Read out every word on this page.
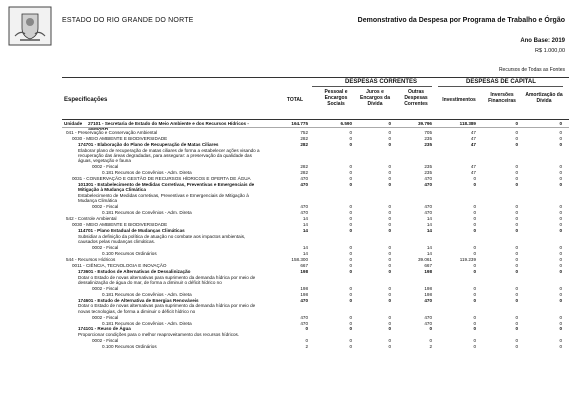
ESTADO DO RIO GRANDE DO NORTE	Demonstrativo da Despesa por Programa de Trabalho e Órgão
Ano Base: 2019
R$ 1.000,00
Recursos de Todas as Fontes
DESPESAS CORRENTES	DESPESAS DE CAPITAL
Especificações	TOTAL
Pessoal e Encargos Sociais
Juros e Encargos da Dívida
Outras Despesas Correntes
Investimentos
Inversões Financeiras
Amortização da Dívida
Unidade 27101 - Secretaria de Estado do Meio Ambiente e dos Recursos Hídricos - SEMARH
164.775	6.590	0	39.796	118.389	0	0
041 - Preservação e Conservação Ambiental	752	0	0	705	47	0	0
0030 - MEIO AMBIENTE E BIODIVERSIDADE	282	0	0	235	47	0	0
174701 - Elaboração do Plano de Recuperação de Matas Ciliares	282	0	0	235	47	0	0
Elaborar plano de recuperação de matas ciliares de forma a estabelecer ações visando a recuperação das áreas degradadas, para assegurar: a preservação da qualidade das águas, vegetação e fauna
0002 - Fiscal	282	0	0	235	47	0	0
0.181 Recursos de Convênios - Adm. Direta	282	0	0	235	47	0	0
0031 - CONSERVAÇÃO E GESTÃO DE RECURSOS HÍDRICOS E OFERTA DE ÁGUA	470	0	0	470	0	0	0
101301 - Estabelecimento de Medidas Corretivas, Preventivas e Emergenciais de Mitigação à Mudança Climática
470	0	0	470	0	0	0
Estabelecimento de Medidas corretivas, Preventivas e Emergenciais de Mitigação à Mudança Climática
0002 - Fiscal	470	0	0	470	0	0	0
0.181 Recursos de Convênios - Adm. Direta	470	0	0	470	0	0	0
542 - Controle Ambiental	14	0	0	14	0	0	0
0030 - MEIO AMBIENTE E BIODIVERSIDADE	14	0	0	14	0	0	0
114701 - Plano Estadual de Mudanças Climáticas	14	0	0	14	0	0	0
Subsidiar a definição da política de atuação no combate aos impactos ambientais, causados pelas mudanças climáticas.
0002 - Fiscal	14	0	0	14	0	0	0
0.100 Recursos Ordinários	14	0	0	14	0	0	0
544 - Recursos Hídricos	158.300	0	0	39.061	119.239	0	0
0011 - CIÊNCIA, TECNOLOGIA E INOVAÇÃO	667	0	0	667	0	0	0
173601 - Estudos de Alternativas de Dessalinização	198	0	0	198	0	0	0
Dotar o Estado de novas alternativas para suprimento da demanda hídrica por meio de dessalinização de água do mar, de forma a diminuir o déficit hídrico no
0002 - Fiscal	198	0	0	198	0	0	0
0.181 Recursos de Convênios - Adm. Direta	198	0	0	198	0	0	0
174601 - Estudo de Alternativa de Energias Renováveis	470	0	0	470	0	0	0
Dotar o Estado de novas alternativas para suprimento da demanda hídrica por meio de novas tecnologias, de forma a diminuir o déficit hídrico no
0002 - Fiscal	470	0	0	470	0	0	0
0.181 Recursos de Convênios - Adm. Direta	470	0	0	470	0	0	0
174101 - Reuso de Água	0	0	0	0	0	0	0
Proporcionar condições para o melhor reaproveitamento dos recursos hídricos.
0002 - Fiscal	0	0	0	0	0	0	0
0.100 Recursos Ordinários	2	0	0	2	0	0	0
